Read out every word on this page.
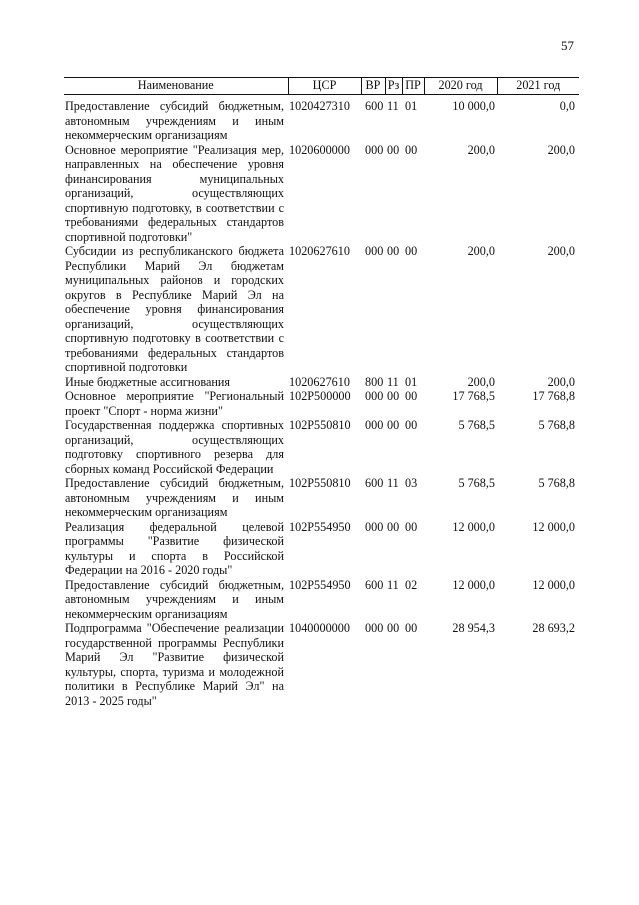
57
Наименование	ЦСР	ВР	Рз	ПР	2020 год	2021 год
Предоставление субсидий бюджетным, автономным учреждениям и иным некоммерческим организациям	1020427310	600	11	01	10 000,0	0,0
Основное мероприятие "Реализация мер, направленных на обеспечение уровня финансирования муниципальных организаций, осуществляющих спортивную подготовку, в соответствии с требованиями федеральных стандартов спортивной подготовки"	1020600000	000	00	00	200,0	200,0
Субсидии из республиканского бюджета Республики Марий Эл бюджетам муниципальных районов и городских округов в Республике Марий Эл на обеспечение уровня финансирования организаций, осуществляющих спортивную подготовку в соответствии с требованиями федеральных стандартов спортивной подготовки	1020627610	000	00	00	200,0	200,0
Иные бюджетные ассигнования	1020627610	800	11	01	200,0	200,0
Основное мероприятие "Региональный проект "Спорт - норма жизни"	102P500000	000	00	00	17 768,5	17 768,8
Государственная поддержка спортивных организаций, осуществляющих подготовку спортивного резерва для сборных команд Российской Федерации	102P550810	000	00	00	5 768,5	5 768,8
Предоставление субсидий бюджетным, автономным учреждениям и иным некоммерческим организациям	102P550810	600	11	03	5 768,5	5 768,8
Реализация федеральной целевой программы "Развитие физической культуры и спорта в Российской Федерации на 2016 - 2020 годы"	102P554950	000	00	00	12 000,0	12 000,0
Предоставление субсидий бюджетным, автономным учреждениям и иным некоммерческим организациям	102P554950	600	11	02	12 000,0	12 000,0
Подпрограмма "Обеспечение реализации государственной программы Республики Марий Эл "Развитие физической культуры, спорта, туризма и молодежной политики в Республике Марий Эл" на 2013 - 2025 годы"	1040000000	000	00	00	28 954,3	28 693,2
